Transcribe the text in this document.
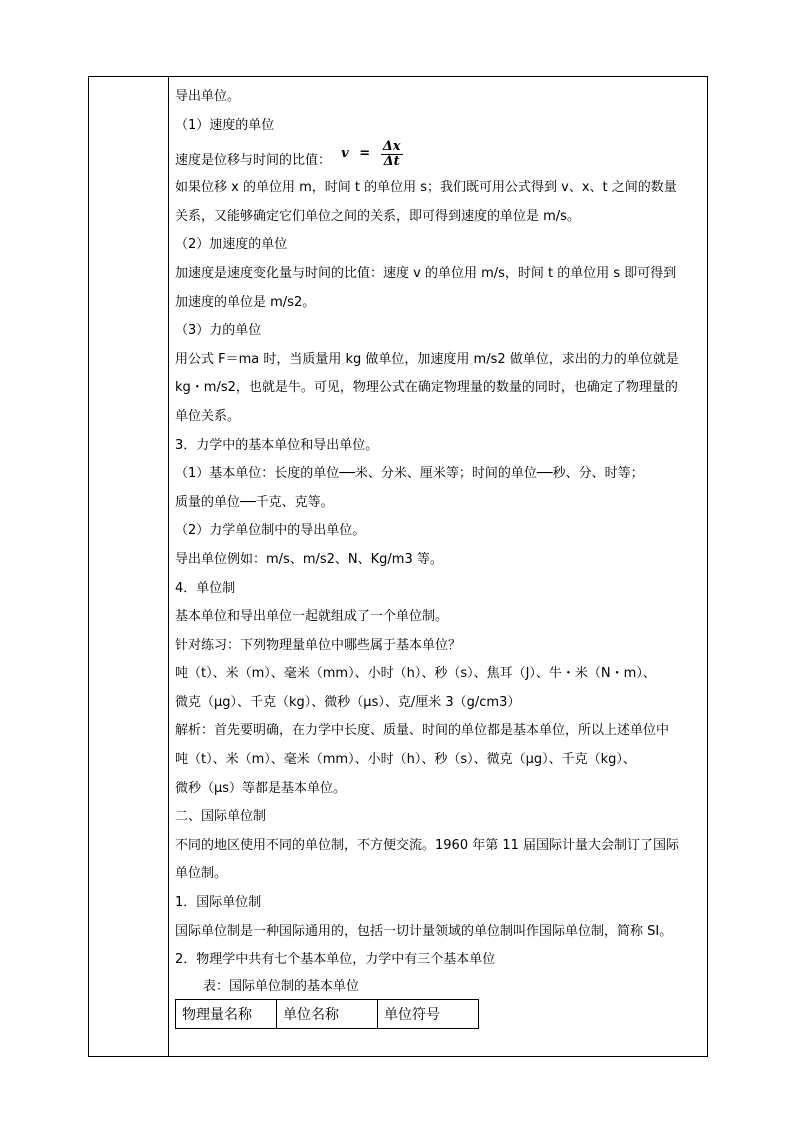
导出单位。
（1）速度的单位
速度是位移与时间的比值： $v = \frac{\Delta x}{\Delta t}$
如果位移 x 的单位用 m，时间 t 的单位用 s；我们既可用公式得到 v、x、t 之间的数量
关系，又能够确定它们单位之间的关系，即可得到速度的单位是 m/s。
（2）加速度的单位
加速度是速度变化量与时间的比值：速度 v 的单位用 m/s，时间 t 的单位用 s 即可得到
加速度的单位是 m/s2。
（3）力的单位
用公式 F＝ma 时，当质量用 kg 做单位，加速度用 m/s2 做单位，求出的力的单位就是
kg・m/s2，也就是牛。可见，物理公式在确定物理量的数量的同时，也确定了物理量的
单位关系。
3．力学中的基本单位和导出单位。
（1）基本单位：长度的单位──米、分米、厘米等；时间的单位──秒、分、时等；
质量的单位──千克、克等。
（2）力学单位制中的导出单位。
导出单位例如：m/s、m/s2、N、Kg/m3 等。
4．单位制
基本单位和导出单位一起就组成了一个单位制。
针对练习：下列物理量单位中哪些属于基本单位？
吨（t）、米（m）、毫米（mm）、小时（h）、秒（s）、焦耳（J）、牛・米（N・m）、
微克（μg）、千克（kg）、微秒（μs）、克/厘米 3（g/cm3）
解析：首先要明确，在力学中长度、质量、时间的单位都是基本单位，所以上述单位中
吨（t）、米（m）、毫米（mm）、小时（h）、秒（s）、微克（μg）、千克（kg）、
微秒（μs）等都是基本单位。
二、国际单位制
不同的地区使用不同的单位制，不方便交流。1960 年第 11 届国际计量大会制订了国际
单位制。
1．国际单位制
国际单位制是一种国际通用的，包括一切计量领域的单位制叫作国际单位制，简称 SI。
2．物理学中共有七个基本单位，力学中有三个基本单位
表：国际单位制的基本单位
物理量名称	单位名称	单位符号
